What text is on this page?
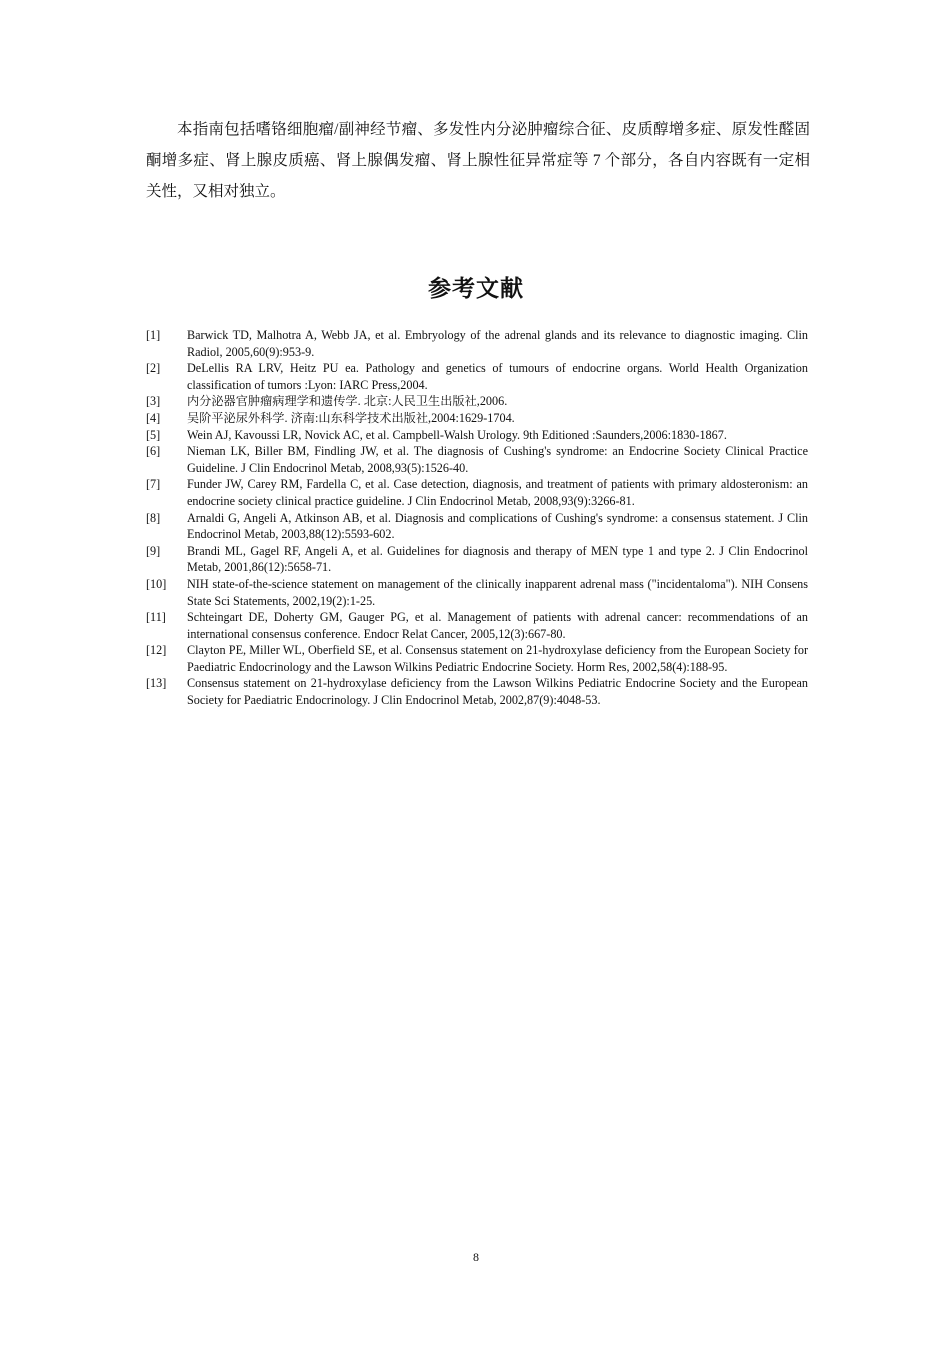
本指南包括嗜铬细胞瘤/副神经节瘤、多发性内分泌肿瘤综合征、皮质醇增多症、原发性醛固酮增多症、肾上腺皮质癌、肾上腺偶发瘤、肾上腺性征异常症等 7 个部分，各自内容既有一定相关性，又相对独立。

参考文献
[1]	Barwick TD, Malhotra A, Webb JA, et al. Embryology of the adrenal glands and its relevance to diagnostic imaging. Clin Radiol, 2005,60(9):953-9.
[2]	DeLellis RA LRV, Heitz PU ea. Pathology and genetics of tumours of endocrine organs. World Health Organization classification of tumors :Lyon: IARC Press,2004.
[3]	内分泌器官肿瘤病理学和遗传学. 北京:人民卫生出版社,2006.
[4]	吴阶平泌尿外科学. 济南:山东科学技术出版社,2004:1629-1704.
[5]	Wein AJ, Kavoussi LR, Novick AC, et al. Campbell-Walsh Urology. 9th Editioned :Saunders,2006:1830-1867.
[6]	Nieman LK, Biller BM, Findling JW, et al. The diagnosis of Cushing's syndrome: an Endocrine Society Clinical Practice Guideline. J Clin Endocrinol Metab, 2008,93(5):1526-40.
[7]	Funder JW, Carey RM, Fardella C, et al. Case detection, diagnosis, and treatment of patients with primary aldosteronism: an endocrine society clinical practice guideline. J Clin Endocrinol Metab, 2008,93(9):3266-81.
[8]	Arnaldi G, Angeli A, Atkinson AB, et al. Diagnosis and complications of Cushing's syndrome: a consensus statement. J Clin Endocrinol Metab, 2003,88(12):5593-602.
[9]	Brandi ML, Gagel RF, Angeli A, et al. Guidelines for diagnosis and therapy of MEN type 1 and type 2. J Clin Endocrinol Metab, 2001,86(12):5658-71.
[10]	NIH state-of-the-science statement on management of the clinically inapparent adrenal mass ("incidentaloma"). NIH Consens State Sci Statements, 2002,19(2):1-25.
[11]	Schteingart DE, Doherty GM, Gauger PG, et al. Management of patients with adrenal cancer: recommendations of an international consensus conference. Endocr Relat Cancer, 2005,12(3):667-80.
[12]	Clayton PE, Miller WL, Oberfield SE, et al. Consensus statement on 21-hydroxylase deficiency from the European Society for Paediatric Endocrinology and the Lawson Wilkins Pediatric Endocrine Society. Horm Res, 2002,58(4):188-95.
[13]	Consensus statement on 21-hydroxylase deficiency from the Lawson Wilkins Pediatric Endocrine Society and the European Society for Paediatric Endocrinology. J Clin Endocrinol Metab, 2002,87(9):4048-53.
8
